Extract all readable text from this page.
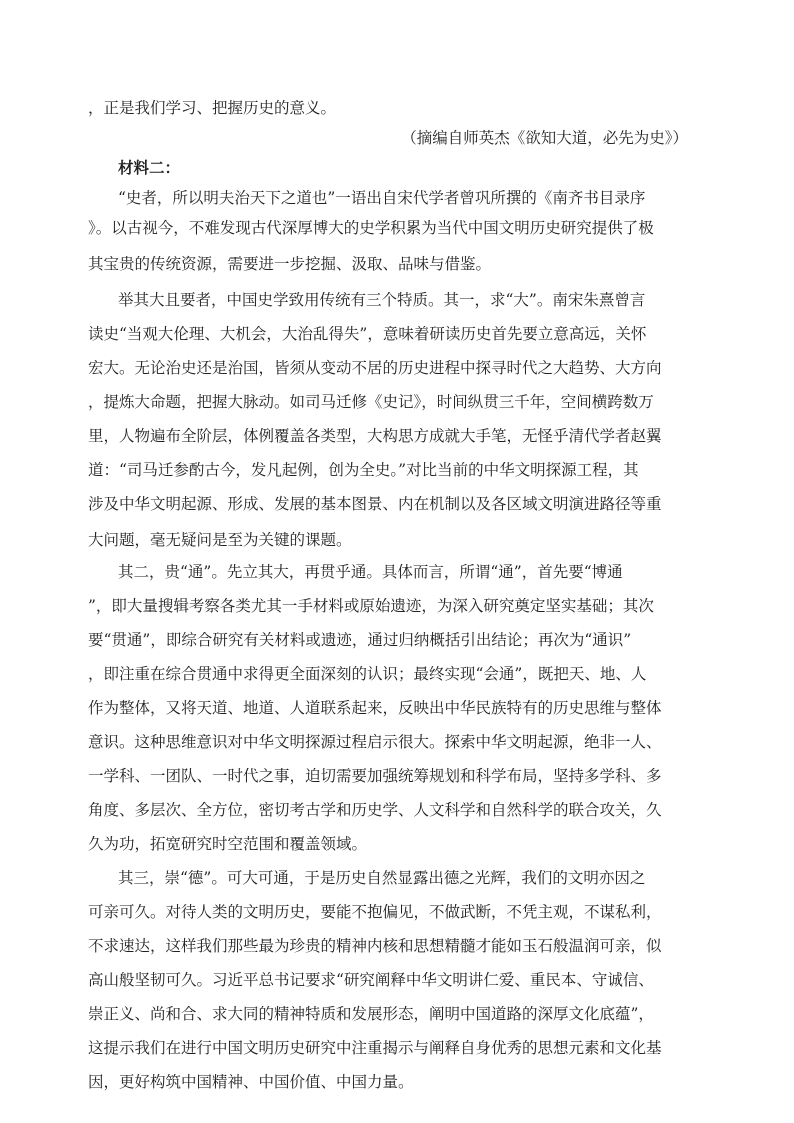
，正是我们学习、把握历史的意义。
（摘编自师英杰《欲知大道，必先为史》）
材料二：
“史者，所以明夫治天下之道也”一语出自宋代学者曾巩所撰的《南齐书目录序
》。以古视今，不难发现古代深厚博大的史学积累为当代中国文明历史研究提供了极
其宝贵的传统资源，需要进一步挖掘、汲取、品味与借鉴。
举其大且要者，中国史学致用传统有三个特质。其一，求“大”。南宋朱熹曾言
读史“当观大伦理、大机会，大治乱得失”，意味着研读历史首先要立意高远，关怀
宏大。无论治史还是治国，皆须从变动不居的历史进程中探寻时代之大趋势、大方向
，提炼大命题，把握大脉动。如司马迁修《史记》，时间纵贯三千年，空间横跨数万
里，人物遍布全阶层，体例覆盖各类型，大构思方成就大手笔，无怪乎清代学者赵翼
道：“司马迁参酌古今，发凡起例，创为全史。”对比当前的中华文明探源工程，其
涉及中华文明起源、形成、发展的基本图景、内在机制以及各区域文明演进路径等重
大问题，毫无疑问是至为关键的课题。
其二，贵“通”。先立其大，再贯乎通。具体而言，所谓“通”，首先要“博通
”，即大量搜辑考察各类尤其一手材料或原始遗迹，为深入研究奠定坚实基础；其次
要“贯通”，即综合研究有关材料或遗迹，通过归纳概括引出结论；再次为“通识”
，即注重在综合贯通中求得更全面深刻的认识；最终实现“会通”，既把天、地、人
作为整体，又将天道、地道、人道联系起来，反映出中华民族特有的历史思维与整体
意识。这种思维意识对中华文明探源过程启示很大。探索中华文明起源，绝非一人、
一学科、一团队、一时代之事，迫切需要加强统筹规划和科学布局，坚持多学科、多
角度、多层次、全方位，密切考古学和历史学、人文科学和自然科学的联合攻关，久
久为功，拓宽研究时空范围和覆盖领域。
其三，崇“德”。可大可通，于是历史自然显露出德之光辉，我们的文明亦因之
可亲可久。对待人类的文明历史，要能不抱偏见，不做武断，不凭主观，不谋私利，
不求速达，这样我们那些最为珍贵的精神内核和思想精髓才能如玉石般温润可亲，似
高山般坚韧可久。习近平总书记要求“研究阐释中华文明讲仁爱、重民本、守诚信、
崇正义、尚和合、求大同的精神特质和发展形态，阐明中国道路的深厚文化底蕴”，
这提示我们在进行中国文明历史研究中注重揭示与阐释自身优秀的思想元素和文化基
因，更好构筑中国精神、中国价值、中国力量。
